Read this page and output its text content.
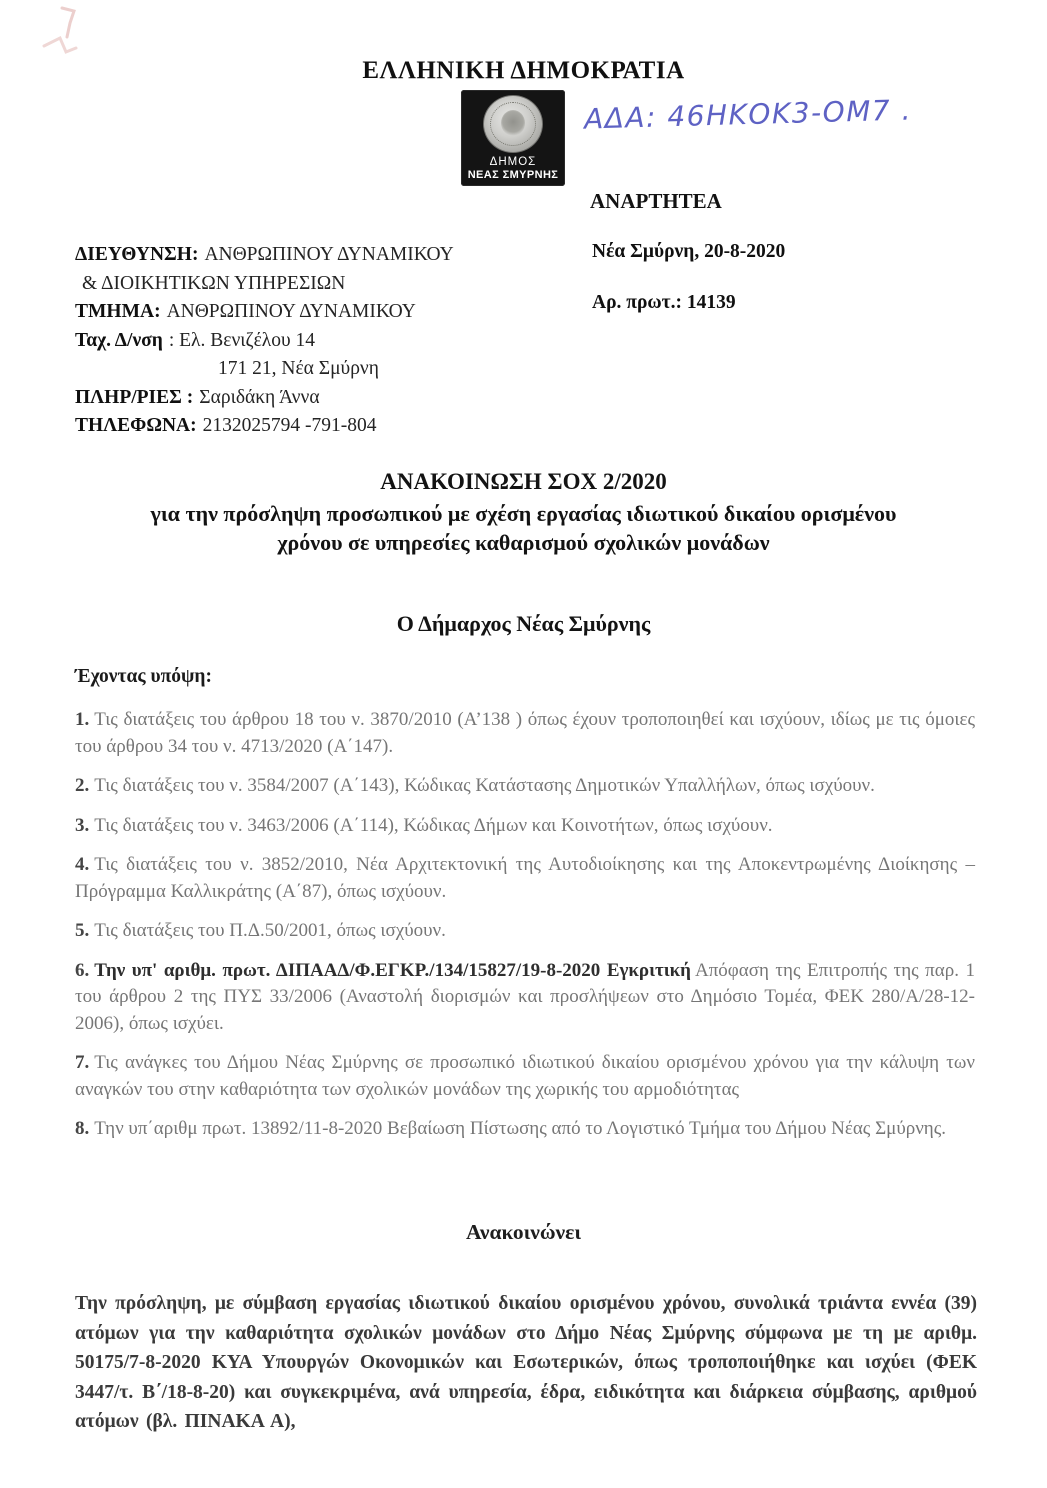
ΕΛΛΗΝΙΚΗ ΔΗΜΟΚΡΑΤΙΑ
ΔΗΜΟΣ
ΝΕΑΣ ΣΜΥΡΝΗΣ
ΑΔΑ: 46ΗΚΟΚ3-ΟΜ7 .
ΑΝΑΡΤΗΤΕΑ

ΔΙΕΥΘΥΝΣΗ: ΑΝΘΡΩΠΙΝΟΥ ΔΥΝΑΜΙΚΟΥ

& ΔΙΟΙΚΗΤΙΚΩΝ ΥΠΗΡΕΣΙΩΝ

ΤΜΗΜΑ: ΑΝΘΡΩΠΙΝΟΥ ΔΥΝΑΜΙΚΟΥ

Ταχ. Δ/νση : Ελ. Βενιζέλου 14

171 21, Νέα Σμύρνη

ΠΛΗΡ/ΡΙΕΣ : Σαριδάκη Άννα

ΤΗΛΕΦΩΝΑ: 2132025794 -791-804

Νέα Σμύρνη, 20-8-2020

Αρ. πρωτ.: 14139

ΑΝΑΚΟΙΝΩΣΗ ΣΟΧ 2/2020

για την πρόσληψη προσωπικού με σχέση εργασίας ιδιωτικού δικαίου ορισμένου

χρόνου σε υπηρεσίες καθαρισμού σχολικών μονάδων

Ο Δήμαρχος Νέας Σμύρνης
Έχοντας υπόψη:

1. Τις διατάξεις του άρθρου 18 του ν. 3870/2010 (Α’138 ) όπως έχουν τροποποιηθεί και ισχύουν, ιδίως με τις όμοιες του άρθρου 34 του ν. 4713/2020 (Α΄147).

2. Τις διατάξεις του ν. 3584/2007 (Α΄143), Κώδικας Κατάστασης Δημοτικών Υπαλλήλων, όπως ισχύουν.

3. Τις διατάξεις του ν. 3463/2006 (Α΄114), Κώδικας Δήμων και Κοινοτήτων, όπως ισχύουν.

4. Τις διατάξεις του ν. 3852/2010, Νέα Αρχιτεκτονική της Αυτοδιοίκησης και της Αποκεντρωμένης Διοίκησης – Πρόγραμμα Καλλικράτης (Α΄87), όπως ισχύουν.

5. Τις διατάξεις του Π.Δ.50/2001, όπως ισχύουν.

6. Την υπ' αριθμ. πρωτ. ΔΙΠΑΑΔ/Φ.ΕΓΚΡ./134/15827/19-8-2020 Εγκριτική Απόφαση της Επιτροπής της παρ. 1 του άρθρου 2 της ΠΥΣ 33/2006 (Αναστολή διορισμών και προσλήψεων στο Δημόσιο Τομέα, ΦΕΚ 280/Α/28-12-2006), όπως ισχύει.

7. Τις ανάγκες του Δήμου Νέας Σμύρνης σε προσωπικό ιδιωτικού δικαίου ορισμένου χρόνου για την κάλυψη των αναγκών του στην καθαριότητα των σχολικών μονάδων της χωρικής του αρμοδιότητας

8. Την υπ΄αριθμ πρωτ. 13892/11-8-2020 Βεβαίωση Πίστωσης από το Λογιστικό Τμήμα του Δήμου Νέας Σμύρνης.

Ανακοινώνει
Την πρόσληψη, με σύμβαση εργασίας ιδιωτικού δικαίου ορισμένου χρόνου, συνολικά τριάντα εννέα (39) ατόμων για την καθαριότητα σχολικών μονάδων στο Δήμο Νέας Σμύρνης σύμφωνα με τη με αριθμ. 50175/7-8-2020 ΚΥΑ Υπουργών Οκονομικών και Εσωτερικών, όπως τροποποιήθηκε και ισχύει (ΦΕΚ 3447/τ. Β΄/18-8-20) και συγκεκριμένα, ανά υπηρεσία, έδρα, ειδικότητα και διάρκεια σύμβασης, αριθμού ατόμων (βλ. ΠΙΝΑΚΑ Α),
